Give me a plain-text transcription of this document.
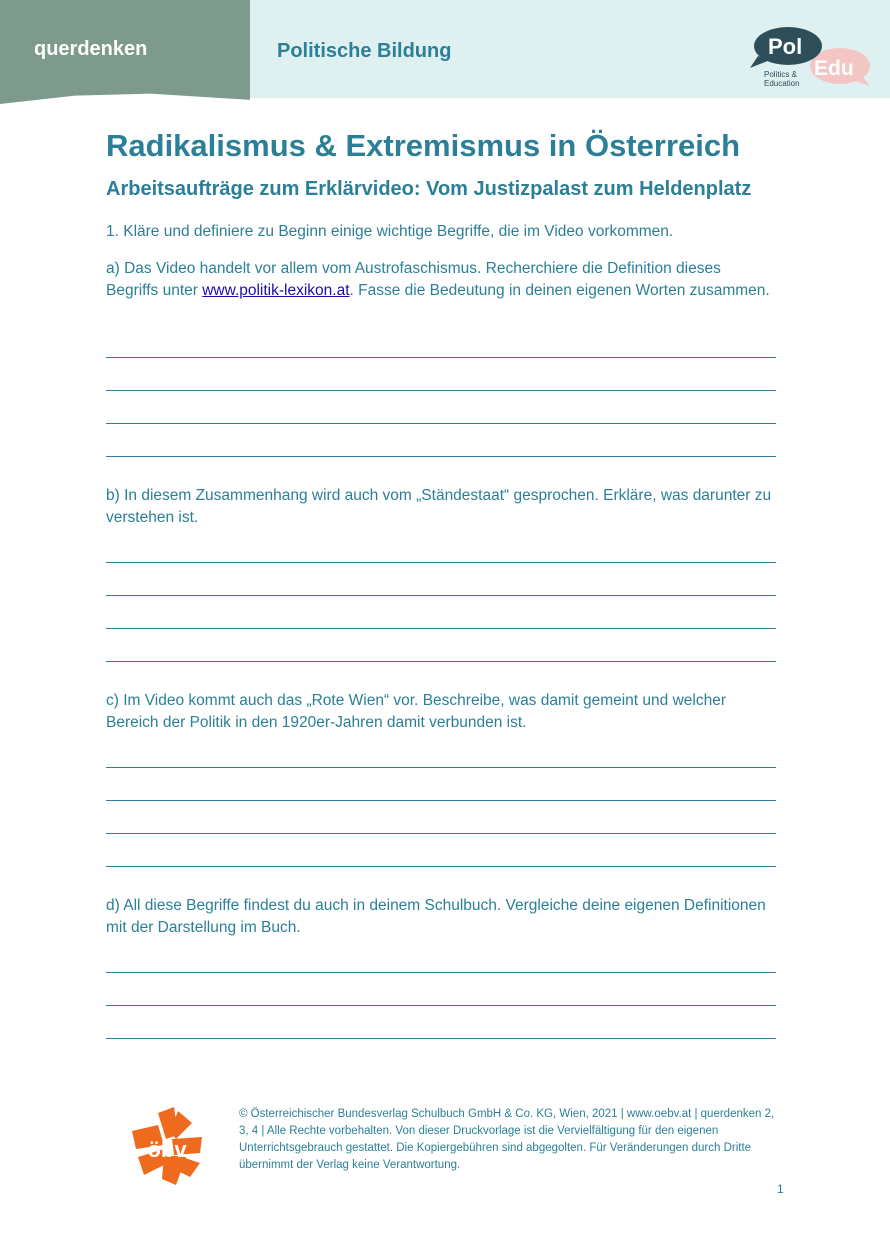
querdenken	Politische Bildung	Pol
Edu
Politics &
Education
Radikalismus & Extremismus in Österreich
Arbeitsaufträge zum Erklärvideo: Vom Justizpalast zum Heldenplatz

1. Kläre und definiere zu Beginn einige wichtige Begriffe, die im Video vorkommen.

a) Das Video handelt vor allem vom Austrofaschismus. Recherchiere die Definition dieses Begriffs unter www.politik-lexikon.at. Fasse die Bedeutung in deinen eigenen Worten zusammen.

b) In diesem Zusammenhang wird auch vom „Ständestaat“ gesprochen. Erkläre, was darunter zu verstehen ist.

c) Im Video kommt auch das „Rote Wien“ vor. Beschreibe, was damit gemeint und welcher Bereich der Politik in den 1920er-Jahren damit verbunden ist.

d) All diese Begriffe findest du auch in deinem Schulbuch. Vergleiche deine eigenen Definitionen mit der Darstellung im Buch.

öbv

© Österreichischer Bundesverlag Schulbuch GmbH & Co. KG, Wien, 2021 | www.oebv.at | querdenken 2, 3, 4 | Alle Rechte vorbehalten. Von dieser Druckvorlage ist die Vervielfältigung für den eigenen Unterrichtsgebrauch gestattet. Die Kopiergebühren sind abgegolten. Für Veränderungen durch Dritte übernimmt der Verlag keine Verantwortung.

1
